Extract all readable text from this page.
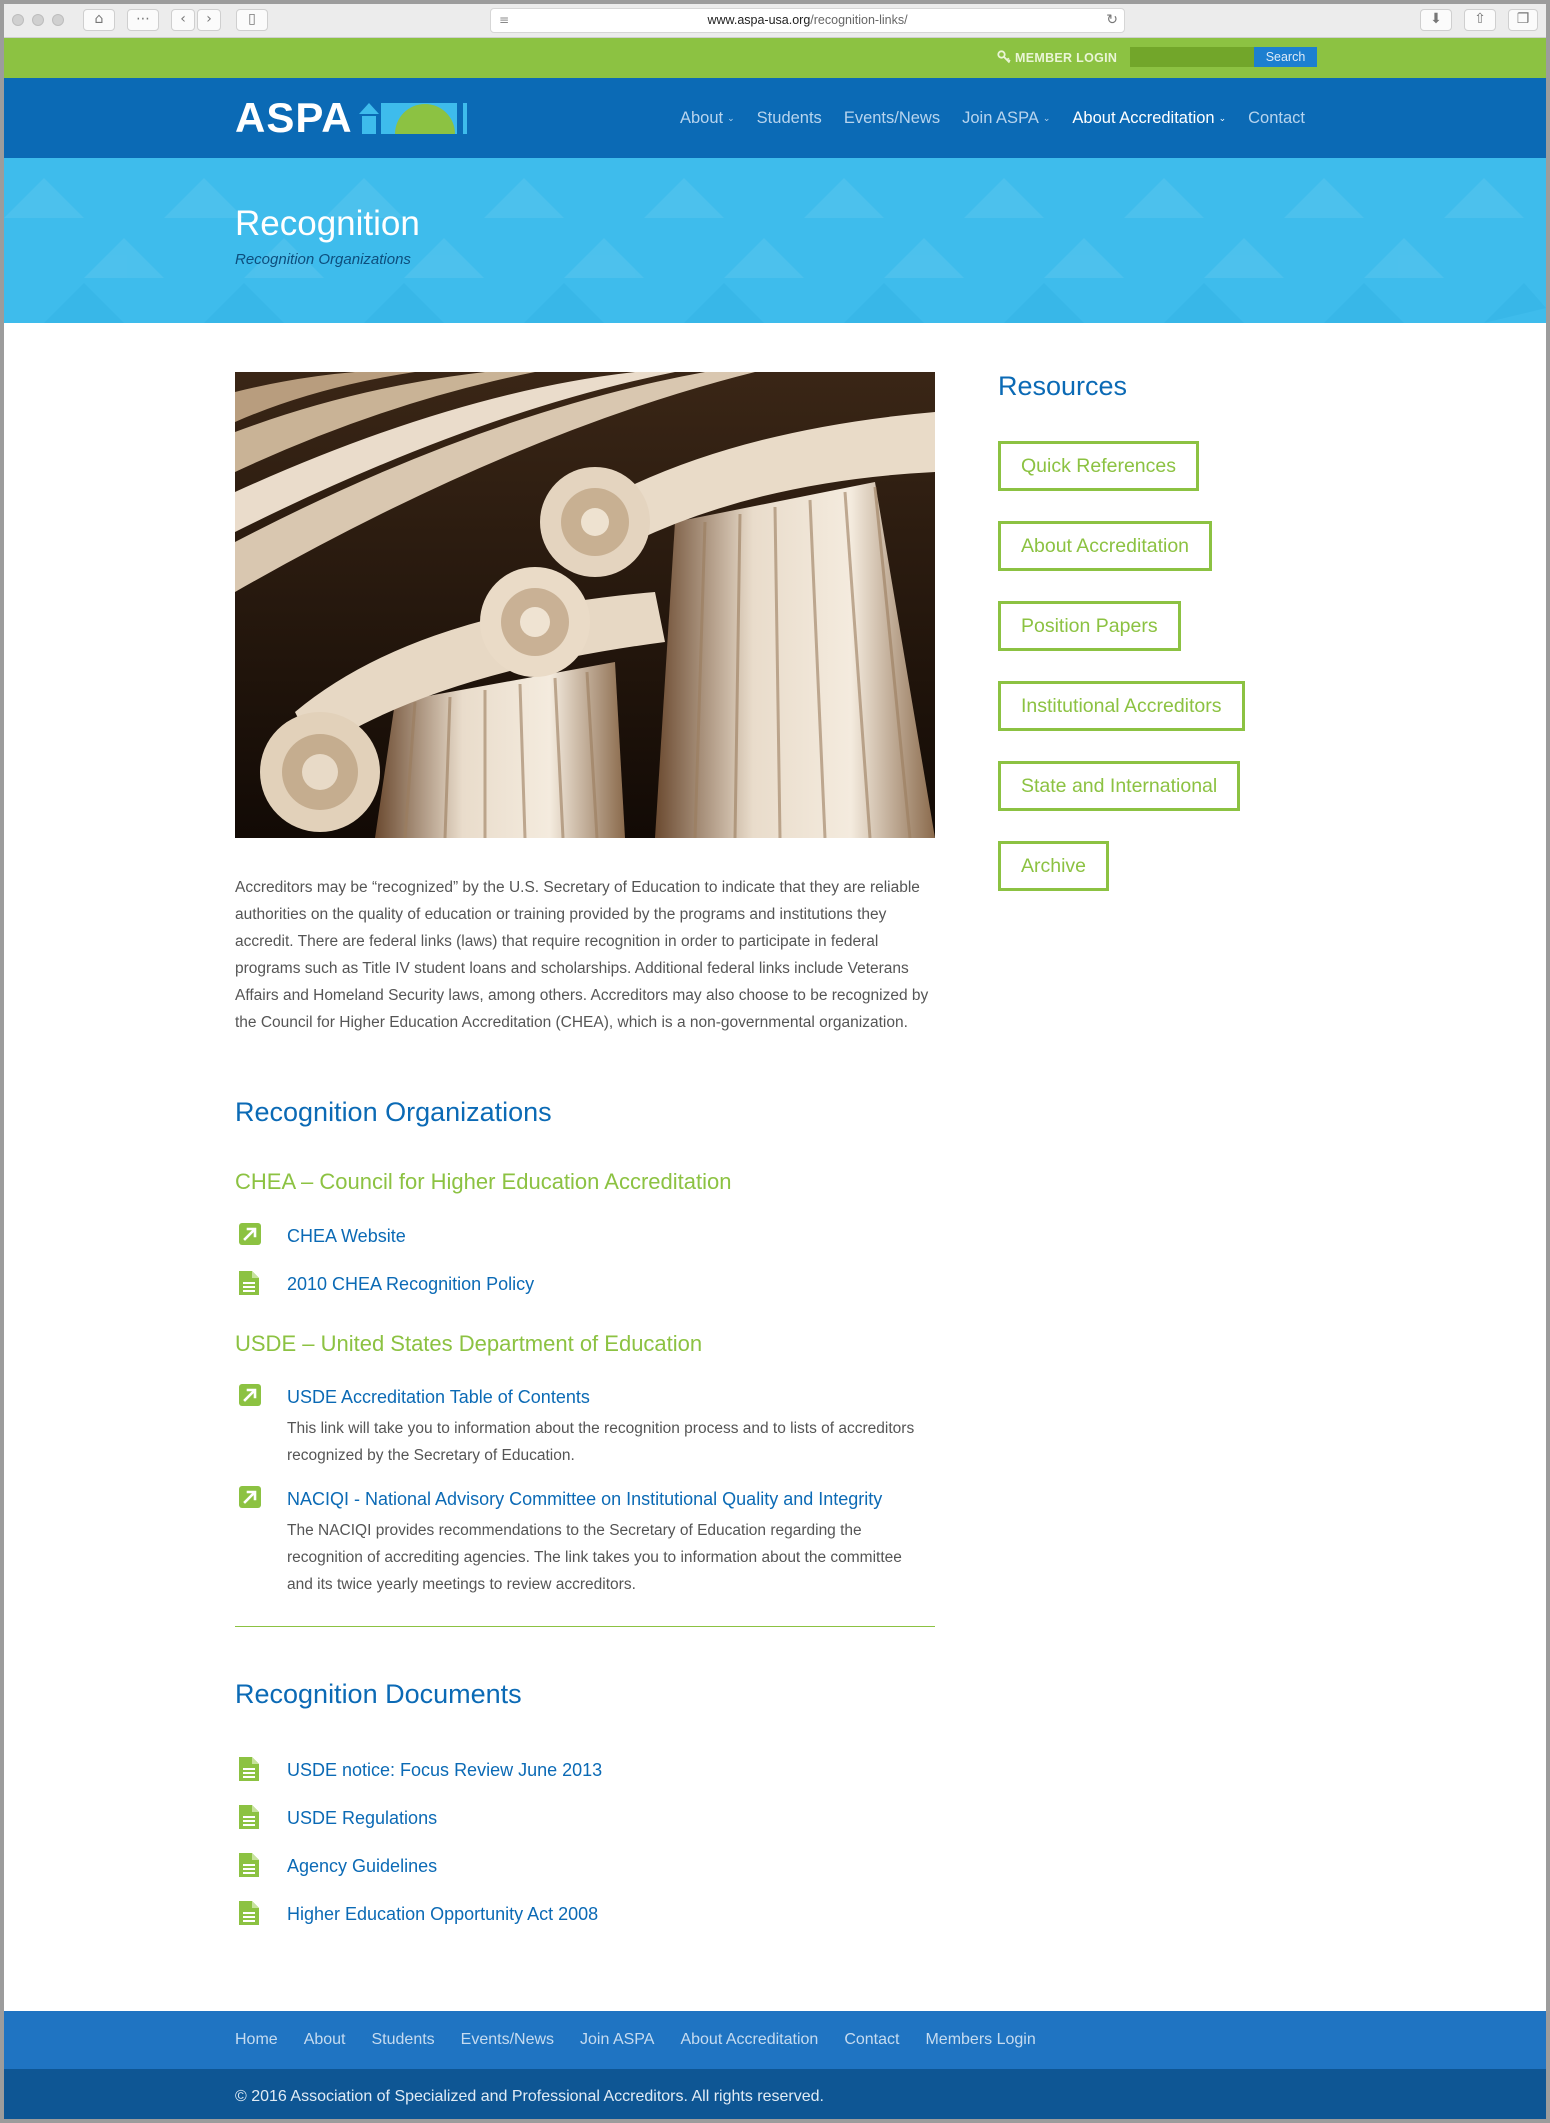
⌂	⋯	‹	›	▯	≡	www.aspa-usa.org/recognition-links/	↻	⬇	⇧	❐
MEMBER LOGIN	Search
ASPA	About ⌄ Students Events/News Join ASPA ⌄ About Accreditation ⌄ Contact
Recognition
Recognition Organizations

Accreditors may be “recognized” by the U.S. Secretary of Education to indicate that they are reliable authorities on the quality of education or training provided by the programs and institutions they accredit. There are federal links (laws) that require recognition in order to participate in federal programs such as Title IV student loans and scholarships. Additional federal links include Veterans Affairs and Homeland Security laws, among others. Accreditors may also choose to be recognized by the Council for Higher Education Accreditation (CHEA), which is a non-governmental organization.

Recognition Organizations
CHEA – Council for Higher Education Accreditation
CHEA Website
2010 CHEA Recognition Policy
USDE – United States Department of Education
USDE Accreditation Table of Contents
This link will take you to information about the recognition process and to lists of accreditors recognized by the Secretary of Education.
NACIQI - National Advisory Committee on Institutional Quality and Integrity
The NACIQI provides recommendations to the Secretary of Education regarding the recognition of accrediting agencies. The link takes you to information about the committee and its twice yearly meetings to review accreditors.
Recognition Documents
USDE notice: Focus Review June 2013
USDE Regulations
Agency Guidelines
Higher Education Opportunity Act 2008
Resources
Quick References
About Accreditation
Position Papers
Institutional Accreditors
State and International
Archive
Home About Students Events/News Join ASPA About Accreditation Contact Members Login
© 2016 Association of Specialized and Professional Accreditors. All rights reserved.
